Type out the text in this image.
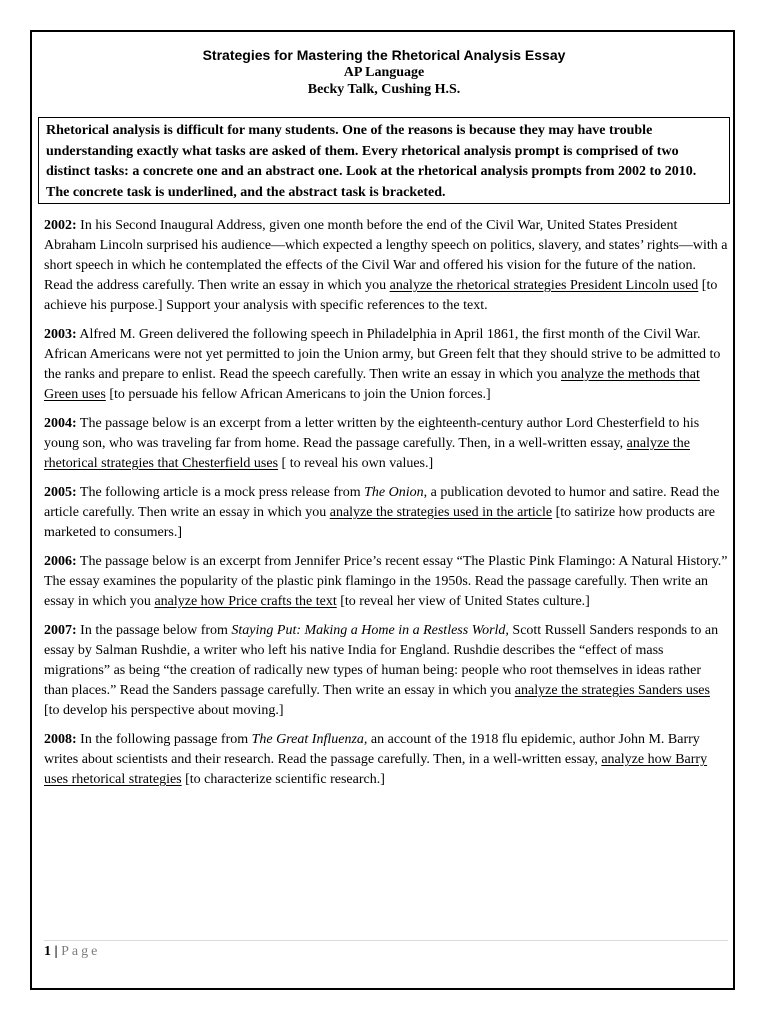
Strategies for Mastering the Rhetorical Analysis Essay

AP Language

Becky Talk, Cushing H.S.

Rhetorical analysis is difficult for many students. One of the reasons is because they may have trouble understanding exactly what tasks are asked of them. Every rhetorical analysis prompt is comprised of two distinct tasks: a concrete one and an abstract one. Look at the rhetorical analysis prompts from 2002 to 2010. The concrete task is underlined, and the abstract task is bracketed.

2002: In his Second Inaugural Address, given one month before the end of the Civil War, United States President Abraham Lincoln surprised his audience—which expected a lengthy speech on politics, slavery, and states’ rights—with a short speech in which he contemplated the effects of the Civil War and offered his vision for the future of the nation. Read the address carefully. Then write an essay in which you analyze the rhetorical strategies President Lincoln used [to achieve his purpose.] Support your analysis with specific references to the text.

2003: Alfred M. Green delivered the following speech in Philadelphia in April 1861, the first month of the Civil War. African Americans were not yet permitted to join the Union army, but Green felt that they should strive to be admitted to the ranks and prepare to enlist. Read the speech carefully. Then write an essay in which you analyze the methods that Green uses [to persuade his fellow African Americans to join the Union forces.]

2004: The passage below is an excerpt from a letter written by the eighteenth-century author Lord Chesterfield to his young son, who was traveling far from home. Read the passage carefully. Then, in a well-written essay, analyze the rhetorical strategies that Chesterfield uses [ to reveal his own values.]

2005: The following article is a mock press release from The Onion, a publication devoted to humor and satire. Read the article carefully. Then write an essay in which you analyze the strategies used in the article [to satirize how products are marketed to consumers.]

2006: The passage below is an excerpt from Jennifer Price’s recent essay “The Plastic Pink Flamingo: A Natural History.” The essay examines the popularity of the plastic pink flamingo in the 1950s. Read the passage carefully. Then write an essay in which you analyze how Price crafts the text [to reveal her view of United States culture.]

2007: In the passage below from Staying Put: Making a Home in a Restless World, Scott Russell Sanders responds to an essay by Salman Rushdie, a writer who left his native India for England. Rushdie describes the “effect of mass migrations” as being “the creation of radically new types of human being: people who root themselves in ideas rather than places.” Read the Sanders passage carefully. Then write an essay in which you analyze the strategies Sanders uses [to develop his perspective about moving.]

2008: In the following passage from The Great Influenza, an account of the 1918 flu epidemic, author John M. Barry writes about scientists and their research. Read the passage carefully. Then, in a well-written essay, analyze how Barry uses rhetorical strategies [to characterize scientific research.]

1 | Page
